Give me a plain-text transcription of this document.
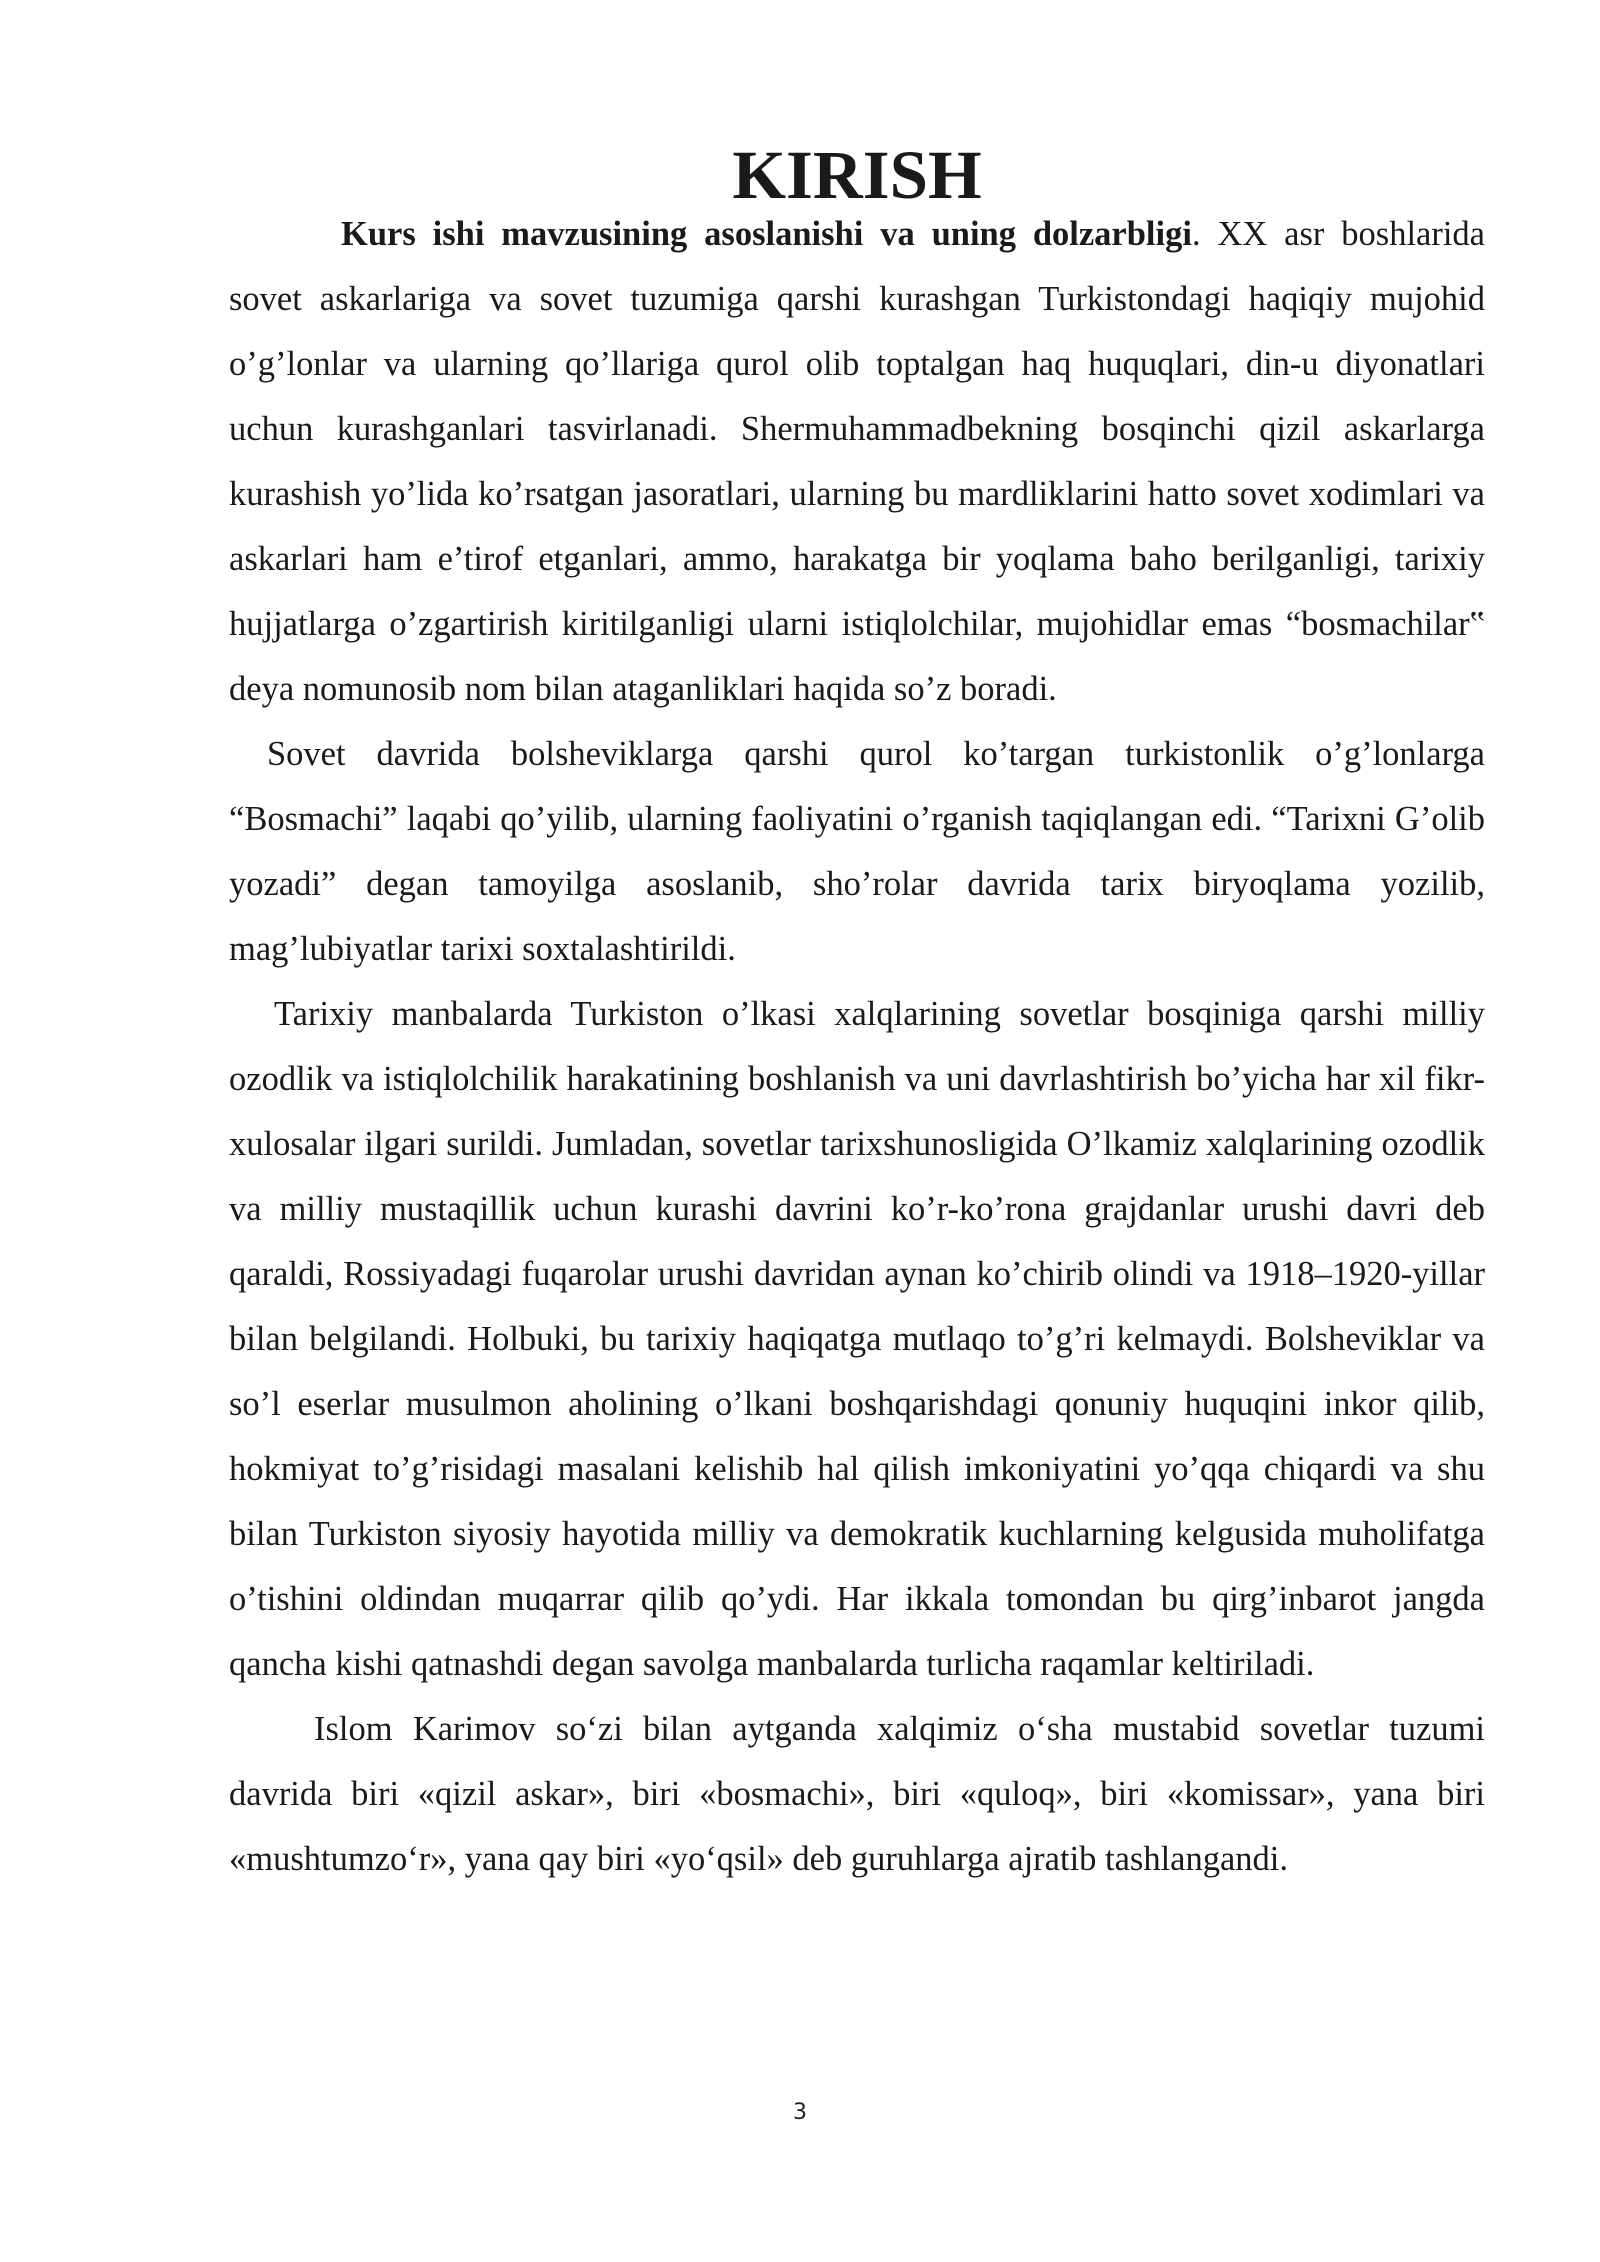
KIRISH

Kurs ishi mavzusining asoslanishi va uning dolzarbligi. XX asr boshlarida sovet askarlariga va sovet tuzumiga qarshi kurashgan Turkistondagi haqiqiy mujohid o’g’lonlar va ularning qo’llariga qurol olib toptalgan haq huquqlari, din-u diyonatlari uchun kurashganlari tasvirlanadi. Shermuhammadbekning bosqinchi qizil askarlarga kurashish yo’lida ko’rsatgan jasoratlari, ularning bu mardliklarini hatto sovet xodimlari va askarlari ham e’tirof etganlari, ammo, harakatga bir yoqlama baho berilganligi, tarixiy hujjatlarga o’zgartirish kiritilganligi ularni istiqlolchilar, mujohidlar emas “bosmachilar‟ deya nomunosib nom bilan ataganliklari haqida so’z boradi.

Sovet davrida bolsheviklarga qarshi qurol ko’targan turkistonlik o’g’lonlarga “Bosmachi” laqabi qo’yilib, ularning faoliyatini o’rganish taqiqlangan edi. “Tarixni G’olib yozadi” degan tamoyilga asoslanib, sho’rolar davrida tarix biryoqlama yozilib, mag’lubiyatlar tarixi soxtalashtirildi.

Tarixiy manbalarda Turkiston o’lkasi xalqlarining sovetlar bosqiniga qarshi milliy ozodlik va istiqlolchilik harakatining boshlanish va uni davrlashtirish bo’yicha har xil fikr-xulosalar ilgari surildi. Jumladan, sovetlar tarixshunosligida O’lkamiz xalqlarining ozodlik va milliy mustaqillik uchun kurashi davrini ko’r-ko’rona grajdanlar urushi davri deb qaraldi, Rossiyadagi fuqarolar urushi davridan aynan ko’chirib olindi va 1918–1920-yillar bilan belgilandi. Holbuki, bu tarixiy haqiqatga mutlaqo to’g’ri kelmaydi. Bolsheviklar va so’l eserlar musulmon aholining o’lkani boshqarishdagi qonuniy huquqini inkor qilib, hokmiyat to’g’risidagi masalani kelishib hal qilish imkoniyatini yo’qqa chiqardi va shu bilan Turkiston siyosiy hayotida milliy va demokratik kuchlarning kelgusida muholifatga o’tishini oldindan muqarrar qilib qo’ydi. Har ikkala tomondan bu qirg’inbarot jangda qancha kishi qatnashdi degan savolga manbalarda turlicha raqamlar keltiriladi.

Islom Karimov so‘zi bilan aytganda xalqimiz o‘sha mustabid sovetlar tuzumi davrida biri «qizil askar», biri «bosmachi», biri «quloq», biri «komissar», yana biri «mushtumzo‘r», yana qay biri «yo‘qsil» deb guruhlarga ajratib tashlangandi.

3
